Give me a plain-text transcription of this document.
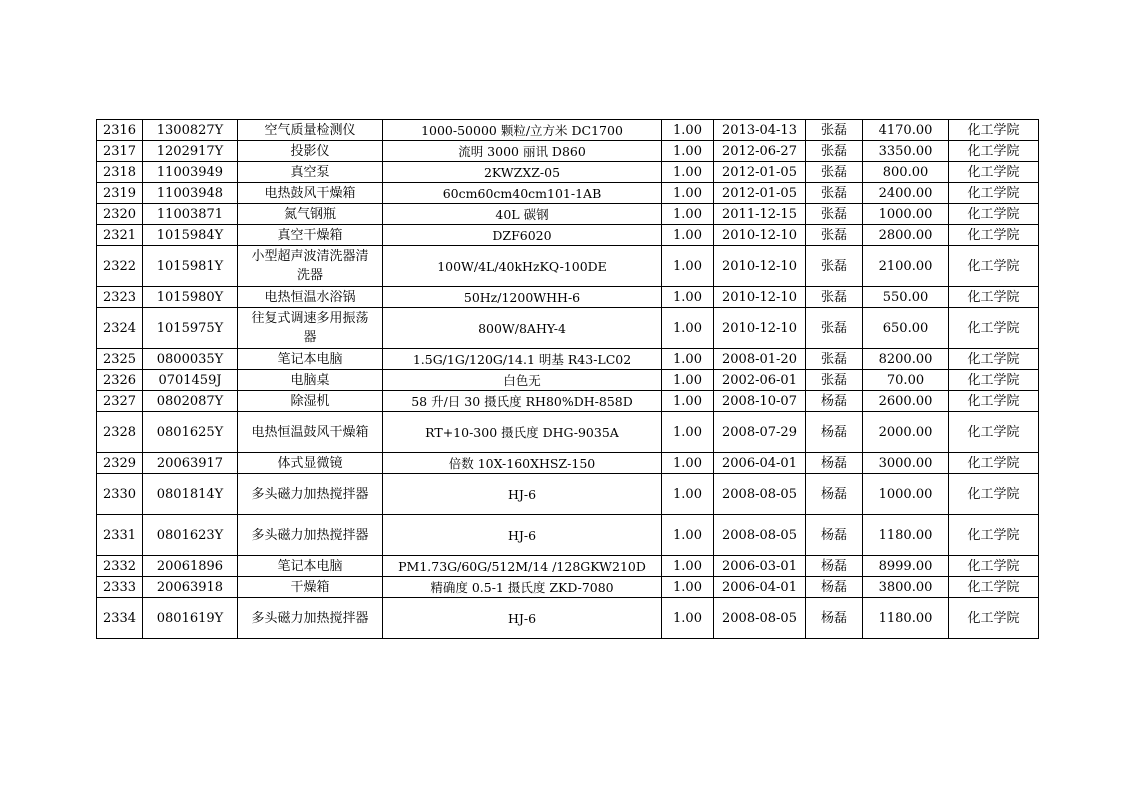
2316	1300827Y	空气质量检测仪	1000-50000 颗粒/立方米 DC1700	1.00	2013-04-13	张磊	4170.00	化工学院
2317	1202917Y	投影仪	流明 3000 丽讯 D860	1.00	2012-06-27	张磊	3350.00	化工学院
2318	11003949	真空泵	2KWZXZ-05	1.00	2012-01-05	张磊	800.00	化工学院
2319	11003948	电热鼓风干燥箱	60cm60cm40cm101-1AB	1.00	2012-01-05	张磊	2400.00	化工学院
2320	11003871	氮气钢瓶	40L 碳钢	1.00	2011-12-15	张磊	1000.00	化工学院
2321	1015984Y	真空干燥箱	DZF6020	1.00	2010-12-10	张磊	2800.00	化工学院
2322	1015981Y	小型超声波清洗器清洗器	100W/4L/40kHzKQ-100DE	1.00	2010-12-10	张磊	2100.00	化工学院
2323	1015980Y	电热恒温水浴锅	50Hz/1200WHH-6	1.00	2010-12-10	张磊	550.00	化工学院
2324	1015975Y	往复式调速多用振荡器	800W/8AHY-4	1.00	2010-12-10	张磊	650.00	化工学院
2325	0800035Y	笔记本电脑	1.5G/1G/120G/14.1 明基 R43-LC02	1.00	2008-01-20	张磊	8200.00	化工学院
2326	0701459J	电脑桌	白色无	1.00	2002-06-01	张磊	70.00	化工学院
2327	0802087Y	除湿机	58 升/日 30 摄氏度 RH80%DH-858D	1.00	2008-10-07	杨磊	2600.00	化工学院
2328	0801625Y	电热恒温鼓风干燥箱	RT+10-300 摄氏度 DHG-9035A	1.00	2008-07-29	杨磊	2000.00	化工学院
2329	20063917	体式显微镜	倍数 10X-160XHSZ-150	1.00	2006-04-01	杨磊	3000.00	化工学院
2330	0801814Y	多头磁力加热搅拌器	HJ-6	1.00	2008-08-05	杨磊	1000.00	化工学院
2331	0801623Y	多头磁力加热搅拌器	HJ-6	1.00	2008-08-05	杨磊	1180.00	化工学院
2332	20061896	笔记本电脑	PM1.73G/60G/512M/14 /128GKW210D	1.00	2006-03-01	杨磊	8999.00	化工学院
2333	20063918	干燥箱	精确度 0.5-1 摄氏度 ZKD-7080	1.00	2006-04-01	杨磊	3800.00	化工学院
2334	0801619Y	多头磁力加热搅拌器	HJ-6	1.00	2008-08-05	杨磊	1180.00	化工学院
